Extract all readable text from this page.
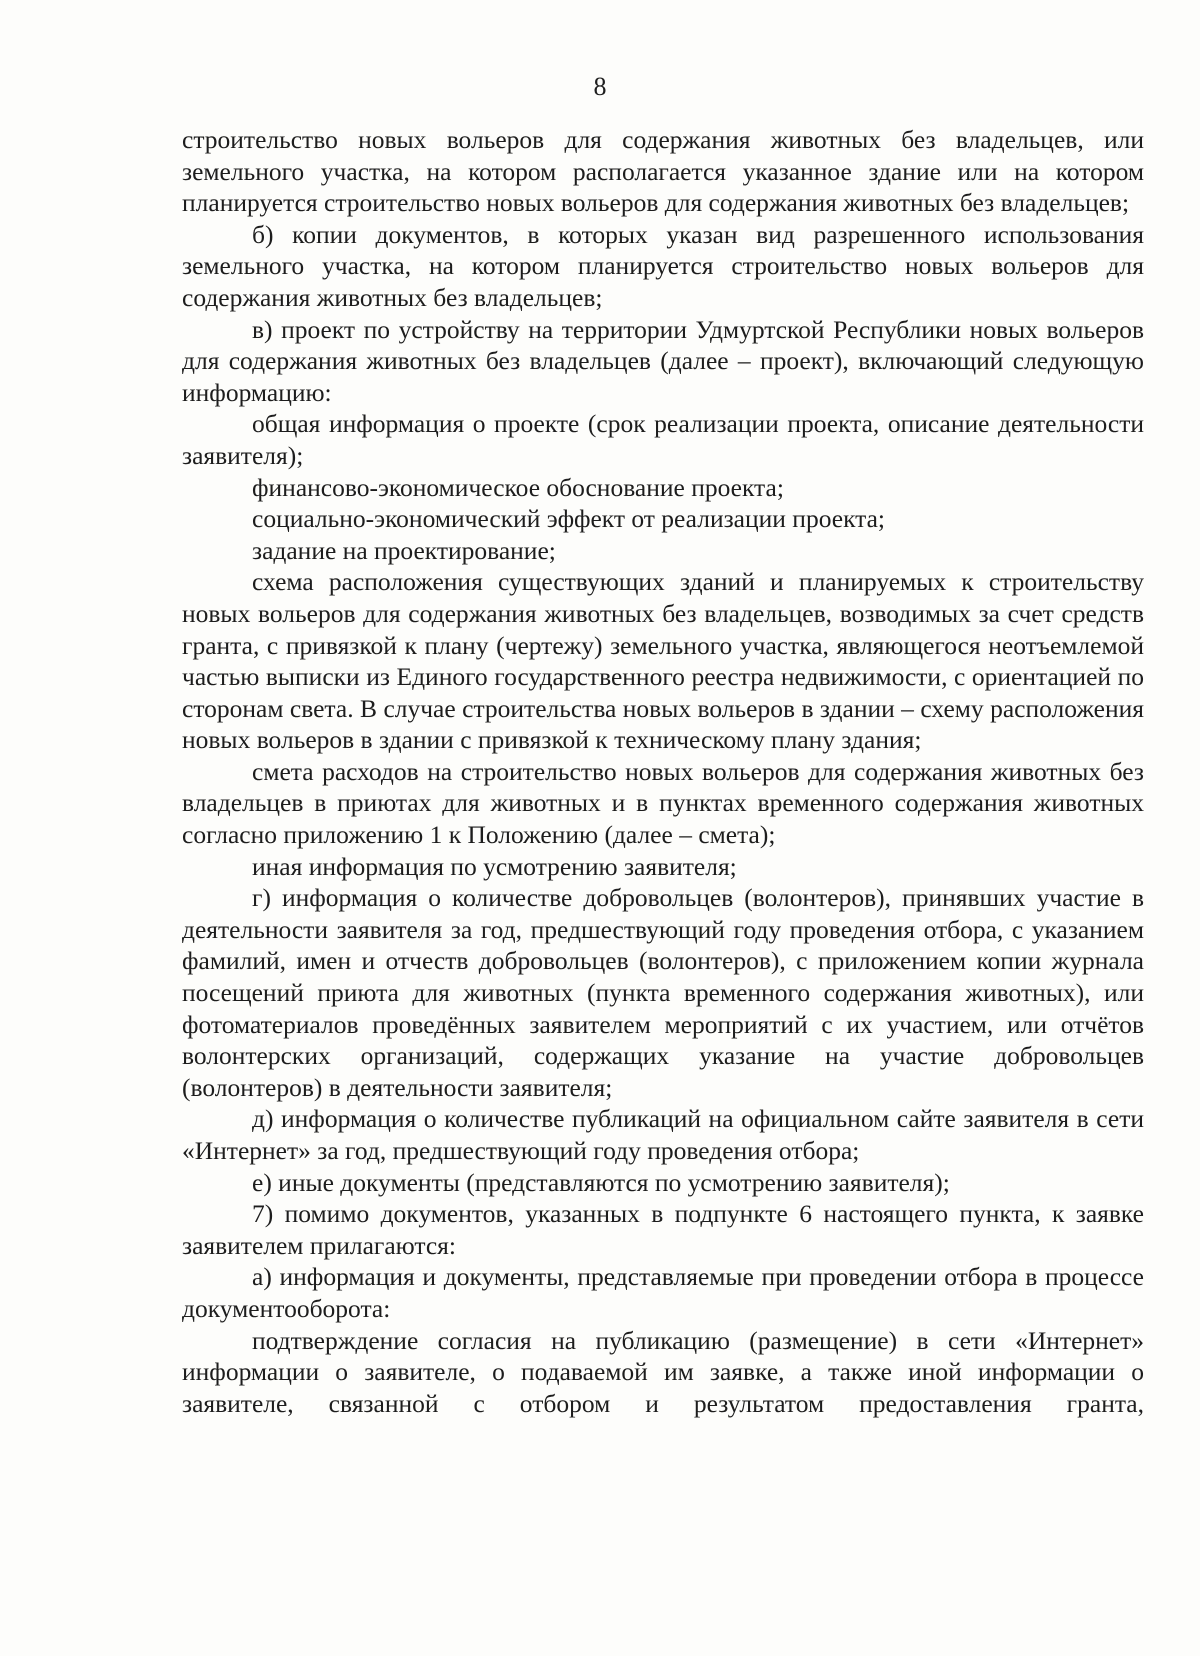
8

строительство новых вольеров для содержания животных без владельцев, или земельного участка, на котором располагается указанное здание или на котором планируется строительство новых вольеров для содержания животных без владельцев;

б) копии документов, в которых указан вид разрешенного использования земельного участка, на котором планируется строительство новых вольеров для содержания животных без владельцев;

в) проект по устройству на территории Удмуртской Республики новых вольеров для содержания животных без владельцев (далее – проект), включающий следующую информацию:

общая информация о проекте (срок реализации проекта, описание деятельности заявителя);

финансово-экономическое обоснование проекта;

социально-экономический эффект от реализации проекта;

задание на проектирование;

схема расположения существующих зданий и планируемых к строительству новых вольеров для содержания животных без владельцев, возводимых за счет средств гранта, с привязкой к плану (чертежу) земельного участка, являющегося неотъемлемой частью выписки из Единого государственного реестра недвижимости, с ориентацией по сторонам света. В случае строительства новых вольеров в здании – схему расположения новых вольеров в здании с привязкой к техническому плану здания;

смета расходов на строительство новых вольеров для содержания животных без владельцев в приютах для животных и в пунктах временного содержания животных согласно приложению 1 к Положению (далее – смета);

иная информация по усмотрению заявителя;

г) информация о количестве добровольцев (волонтеров), принявших участие в деятельности заявителя за год, предшествующий году проведения отбора, с указанием фамилий, имен и отчеств добровольцев (волонтеров), с приложением копии журнала посещений приюта для животных (пункта временного содержания животных), или фотоматериалов проведённых заявителем мероприятий с их участием, или отчётов волонтерских организаций, содержащих указание на участие добровольцев (волонтеров) в деятельности заявителя;

д) информация о количестве публикаций на официальном сайте заявителя в сети «Интернет» за год, предшествующий году проведения отбора;

е) иные документы (представляются по усмотрению заявителя);

7) помимо документов, указанных в подпункте 6 настоящего пункта, к заявке заявителем прилагаются:

а) информация и документы, представляемые при проведении отбора в процессе документооборота:

подтверждение согласия на публикацию (размещение) в сети «Интернет» информации о заявителе, о подаваемой им заявке, а также иной информации о заявителе, связанной с отбором и результатом предоставления гранта,
